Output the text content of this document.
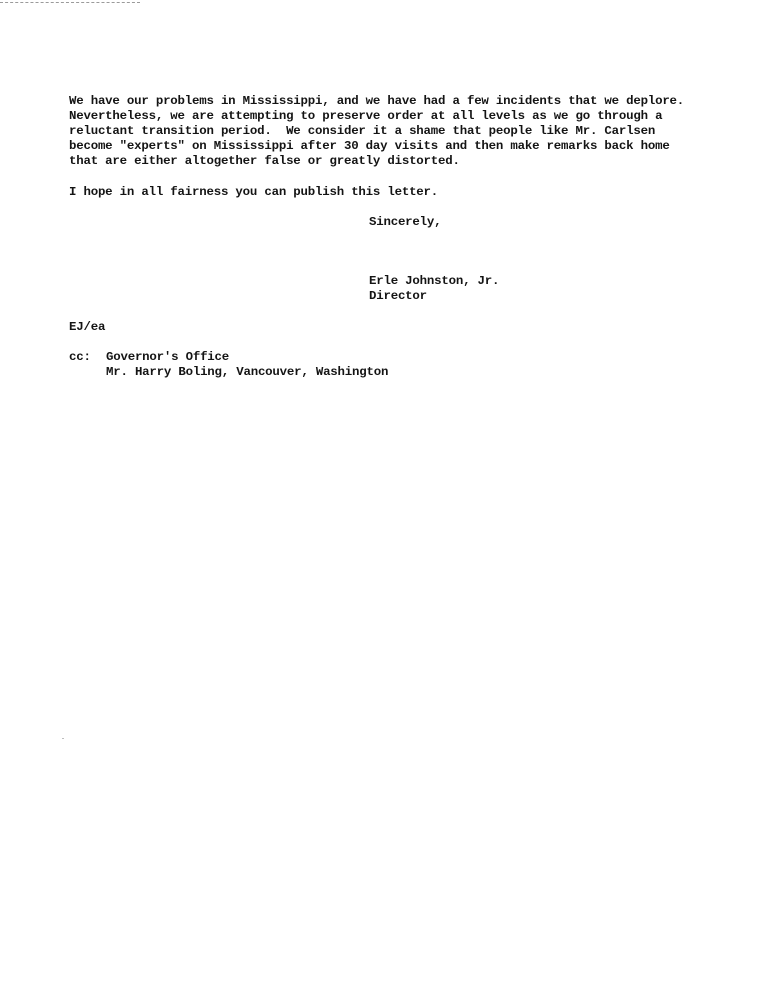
We have our problems in Mississippi, and we have had a few incidents that we deplore.
Nevertheless, we are attempting to preserve order at all levels as we go through a
reluctant transition period.  We consider it a shame that people like Mr. Carlsen
become "experts" on Mississippi after 30 day visits and then make remarks back home
that are either altogether false or greatly distorted.
I hope in all fairness you can publish this letter.
Sincerely,
Erle Johnston, Jr.
Director
EJ/ea
cc: Governor's Office
Mr. Harry Boling, Vancouver, Washington
